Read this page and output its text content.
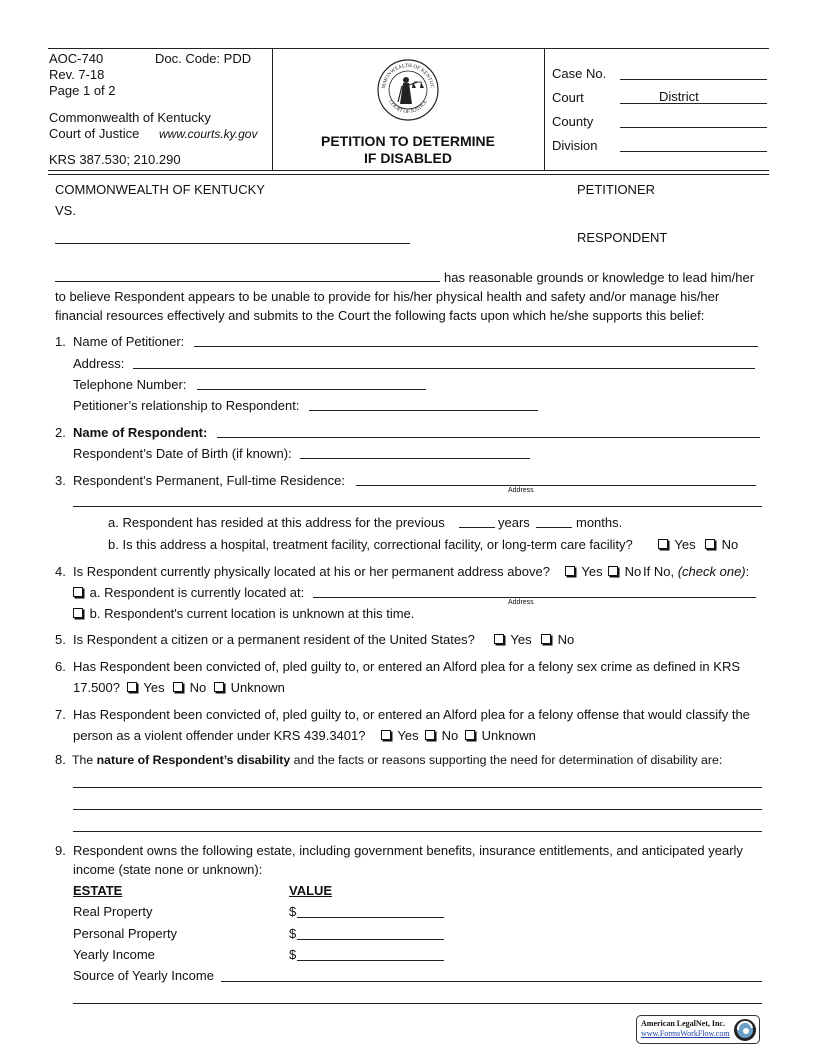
AOC-740	Doc. Code: PDD
Rev. 7-18
Page 1 of 2
Commonwealth of Kentucky
Court of Justice www.courts.ky.gov
KRS 387.530; 210.290
MMONWEALTH OF KENTUC
COURT OF JUSTICE
PETITION TO DETERMINE
IF DISABLED
Case No.
Court	District
County
Division
COMMONWEALTH OF KENTUCKY	PETITIONER
VS.
RESPONDENT
has reasonable grounds or knowledge to lead him/her
to believe Respondent appears to be unable to provide for his/her physical health and safety and/or manage his/her
financial resources effectively and submits to the Court the following facts upon which he/she supports this belief:
1. Name of Petitioner:
Address:
Telephone Number:
Petitioner’s relationship to Respondent:
2. Name of Respondent:
Respondent’s Date of Birth (if known):
3. Respondent's Permanent, Full-time Residence:
Address
a. Respondent has resided at this address for the previous	years	months.
b. Is this address a hospital, treatment facility, correctional facility, or long-term care facility?	Yes	No
4. Is Respondent currently physically located at his or her permanent address above?	Yes	No If No, (check one):
a. Respondent is currently located at:
Address
b. Respondent's current location is unknown at this time.
5. Is Respondent a citizen or a permanent resident of the United States?	Yes	No
6. Has Respondent been convicted of, pled guilty to, or entered an Alford plea for a felony sex crime as defined in KRS
17.500?	Yes	No	Unknown
7. Has Respondent been convicted of, pled guilty to, or entered an Alford plea for a felony offense that would classify the
person as a violent offender under KRS 439.3401?	Yes	No	Unknown
8. The nature of Respondent’s disability and the facts or reasons supporting the need for determination of disability are:
9. Respondent owns the following estate, including government benefits, insurance entitlements, and anticipated yearly
income (state none or unknown):
ESTATE	VALUE
Real Property	$
Personal Property	$
Yearly Income	$
Source of Yearly Income
American LegalNet, Inc.
www.FormsWorkFlow.com
